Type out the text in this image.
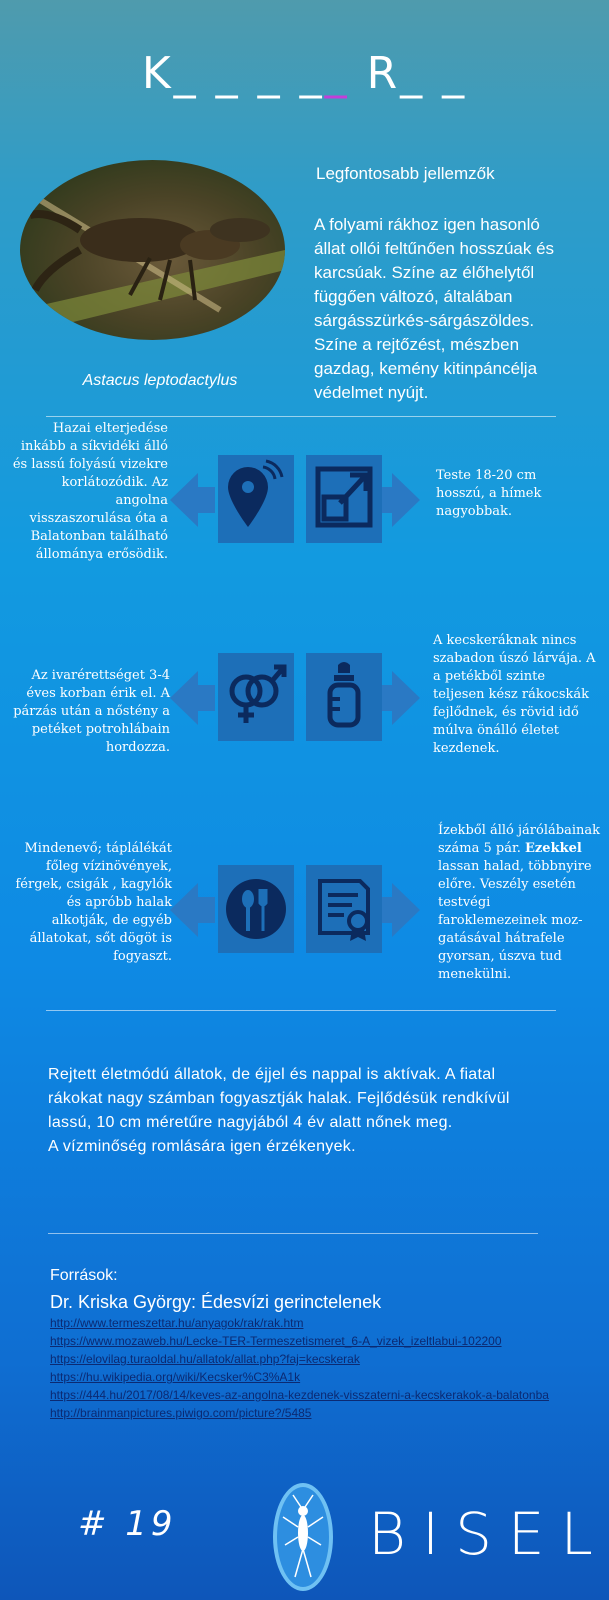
K_ _ _ __ R_ _
Astacus leptodactylus
Legfontosabb jellemzők
A folyami rákhoz igen hasonló állat ollói feltűnően hosszúak és karcsúak. Színe az élőhelytől függően változó, általában sárgásszürkés-sárgászöldes. Színe a rejtőzést, mészben gazdag, kemény kitinpáncélja védelmet nyújt.
Hazai elterjedése inkább a síkvidéki álló és lassú folyású vizekre korlátozódik. Az angolna visszaszorulása óta a Balatonban található állománya erősödik.
Teste 18-20 cm hosszú, a hímek nagyobbak.
Az ivarérettséget 3-4 éves korban érik el. A párzás után a nőstény a petéket potrohlábain hordozza.
A kecskeráknak nincs szabadon úszó lárvája. A a petékből szinte teljesen kész rákocskák fejlődnek, és rövid idő múlva önálló életet kezdenek.
Mindenevő; táplálékát főleg vízinövények, férgek, csigák , kagylók és apróbb halak alkotják, de egyéb állatokat, sőt dögöt is fogyaszt.
Ízekből álló járólábainak száma 5 pár. Ezekkel lassan halad, többnyire előre. Veszély esetén testvégi faroklemezeinek moz-gatásával hátrafele gyorsan, úszva tud menekülni.
Rejtett életmódú állatok, de éjjel és nappal is aktívak. A fiatal rákokat nagy számban fogyasztják halak. Fejlődésük rendkívül lassú, 10 cm méretűre nagyjából 4 év alatt nőnek meg.
A vízminőség romlására igen érzékenyek.
Források:
Dr. Kriska György: Édesvízi gerinctelenek
http://www.termeszettar.hu/anyagok/rak/rak.htm
https://www.mozaweb.hu/Lecke-TER-Termeszetismeret_6-A_vizek_izeltlabui-102200
https://elovilag.turaoldal.hu/allatok/allat.php?faj=kecskerak
https://hu.wikipedia.org/wiki/Kecsker%C3%A1k
https://444.hu/2017/08/14/keves-az-angolna-kezdenek-visszaterni-a-kecskerakok-a-balatonba
http://brainmanpictures.piwigo.com/picture?/5485
# 19	BISEL
